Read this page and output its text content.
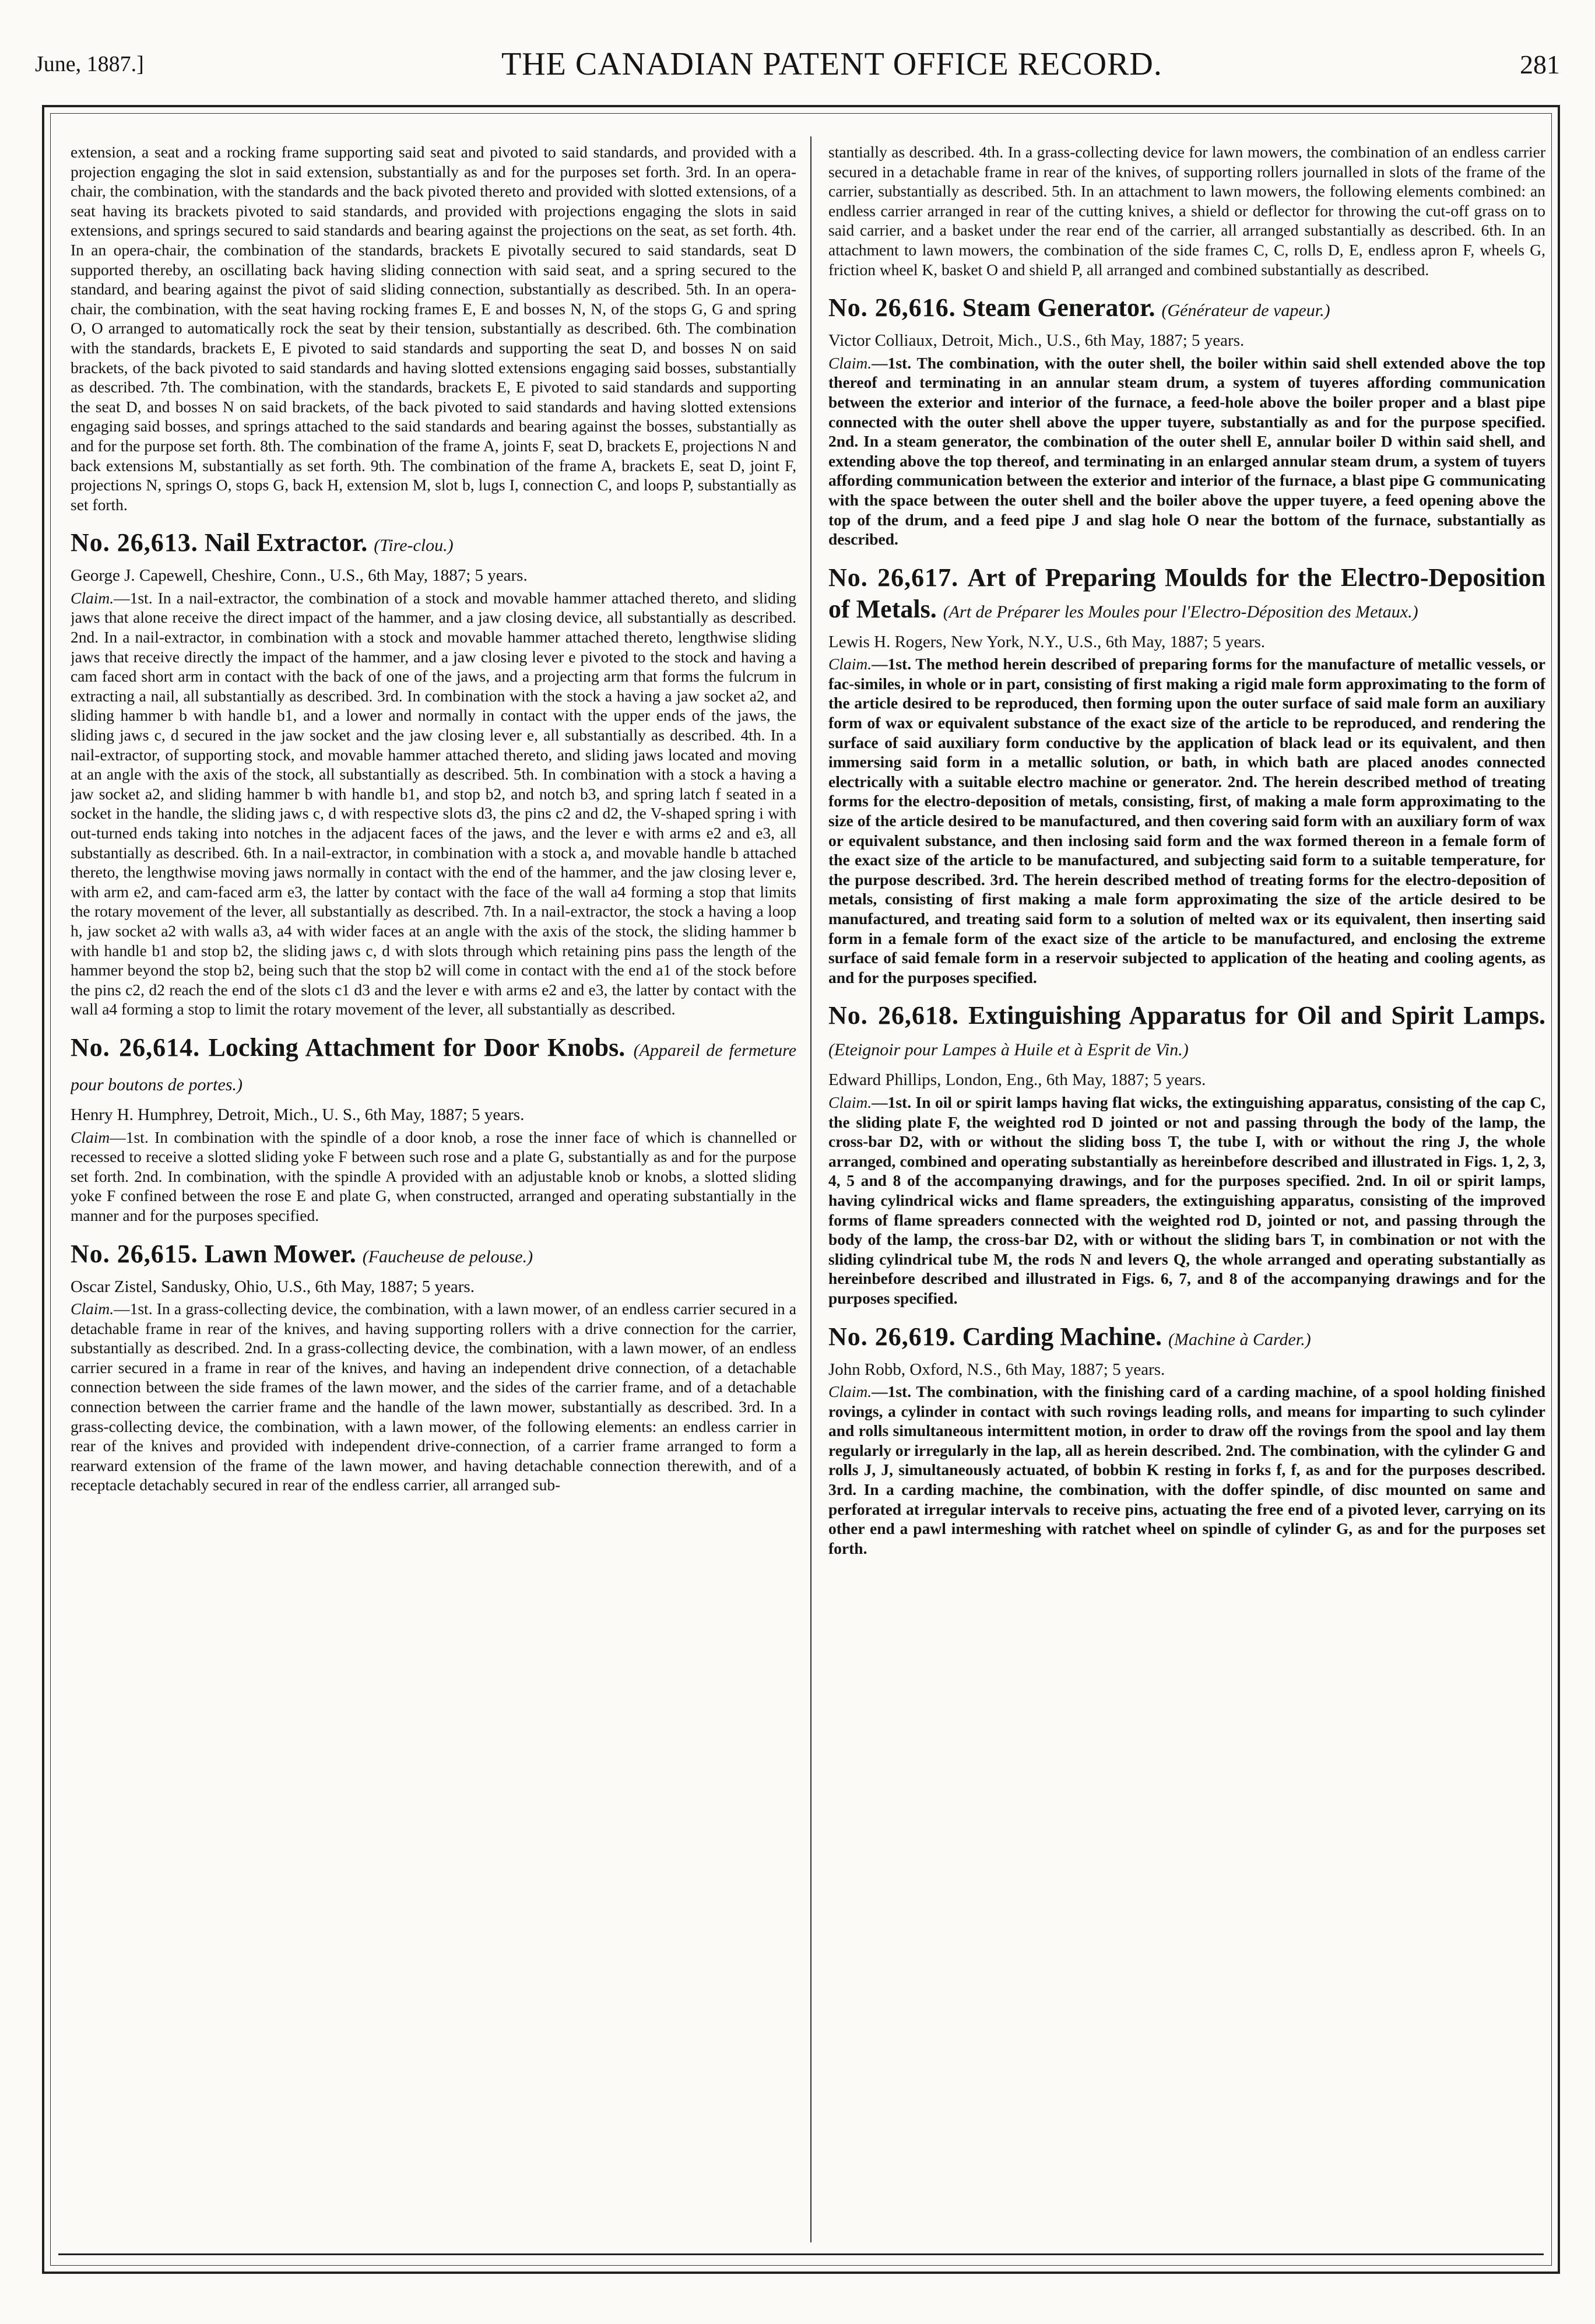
June, 1887.]	THE CANADIAN PATENT OFFICE RECORD.	281

extension, a seat and a rocking frame supporting said seat and pivoted to said standards, and provided with a projection engaging the slot in said extension, substantially as and for the purposes set forth. 3rd. In an opera-chair, the combination, with the standards and the back pivoted thereto and provided with slotted extensions, of a seat having its brackets pivoted to said standards, and provided with projections engaging the slots in said extensions, and springs secured to said standards and bearing against the projections on the seat, as set forth. 4th. In an opera-chair, the combination of the standards, brackets E pivotally secured to said standards, seat D supported thereby, an oscillating back having sliding connection with said seat, and a spring secured to the standard, and bearing against the pivot of said sliding connection, substantially as described. 5th. In an opera-chair, the combination, with the seat having rocking frames E, E and bosses N, N, of the stops G, G and spring O, O arranged to automatically rock the seat by their tension, substantially as described. 6th. The combination with the standards, brackets E, E pivoted to said standards and supporting the seat D, and bosses N on said brackets, of the back pivoted to said standards and having slotted extensions engaging said bosses, substantially as described. 7th. The combination, with the standards, brackets E, E pivoted to said standards and supporting the seat D, and bosses N on said brackets, of the back pivoted to said standards and having slotted extensions engaging said bosses, and springs attached to the said standards and bearing against the bosses, substantially as and for the purpose set forth. 8th. The combination of the frame A, joints F, seat D, brackets E, projections N and back extensions M, substantially as set forth. 9th. The combination of the frame A, brackets E, seat D, joint F, projections N, springs O, stops G, back H, extension M, slot b, lugs I, connection C, and loops P, substantially as set forth.

No. 26,613. Nail Extractor. (Tire-clou.)

George J. Capewell, Cheshire, Conn., U.S., 6th May, 1887; 5 years.

Claim.—1st. In a nail-extractor, the combination of a stock and movable hammer attached thereto, and sliding jaws that alone receive the direct impact of the hammer, and a jaw closing device, all substantially as described. 2nd. In a nail-extractor, in combination with a stock and movable hammer attached thereto, lengthwise sliding jaws that receive directly the impact of the hammer, and a jaw closing lever e pivoted to the stock and having a cam faced short arm in contact with the back of one of the jaws, and a projecting arm that forms the fulcrum in extracting a nail, all substantially as described. 3rd. In combination with the stock a having a jaw socket a2, and sliding hammer b with handle b1, and a lower and normally in contact with the upper ends of the jaws, the sliding jaws c, d secured in the jaw socket and the jaw closing lever e, all substantially as described. 4th. In a nail-extractor, of supporting stock, and movable hammer attached thereto, and sliding jaws located and moving at an angle with the axis of the stock, all substantially as described. 5th. In combination with a stock a having a jaw socket a2, and sliding hammer b with handle b1, and stop b2, and notch b3, and spring latch f seated in a socket in the handle, the sliding jaws c, d with respective slots d3, the pins c2 and d2, the V-shaped spring i with out-turned ends taking into notches in the adjacent faces of the jaws, and the lever e with arms e2 and e3, all substantially as described. 6th. In a nail-extractor, in combination with a stock a, and movable handle b attached thereto, the lengthwise moving jaws normally in contact with the end of the hammer, and the jaw closing lever e, with arm e2, and cam-faced arm e3, the latter by contact with the face of the wall a4 forming a stop that limits the rotary movement of the lever, all substantially as described. 7th. In a nail-extractor, the stock a having a loop h, jaw socket a2 with walls a3, a4 with wider faces at an angle with the axis of the stock, the sliding hammer b with handle b1 and stop b2, the sliding jaws c, d with slots through which retaining pins pass the length of the hammer beyond the stop b2, being such that the stop b2 will come in contact with the end a1 of the stock before the pins c2, d2 reach the end of the slots c1 d3 and the lever e with arms e2 and e3, the latter by contact with the wall a4 forming a stop to limit the rotary movement of the lever, all substantially as described.

No. 26,614. Locking Attachment for Door Knobs. (Appareil de fermeture pour boutons de portes.)

Henry H. Humphrey, Detroit, Mich., U. S., 6th May, 1887; 5 years.

Claim—1st. In combination with the spindle of a door knob, a rose the inner face of which is channelled or recessed to receive a slotted sliding yoke F between such rose and a plate G, substantially as and for the purpose set forth. 2nd. In combination, with the spindle A provided with an adjustable knob or knobs, a slotted sliding yoke F confined between the rose E and plate G, when constructed, arranged and operating substantially in the manner and for the purposes specified.

No. 26,615. Lawn Mower. (Faucheuse de pelouse.)

Oscar Zistel, Sandusky, Ohio, U.S., 6th May, 1887; 5 years.

Claim.—1st. In a grass-collecting device, the combination, with a lawn mower, of an endless carrier secured in a detachable frame in rear of the knives, and having supporting rollers with a drive connection for the carrier, substantially as described. 2nd. In a grass-collecting device, the combination, with a lawn mower, of an endless carrier secured in a frame in rear of the knives, and having an independent drive connection, of a detachable connection between the side frames of the lawn mower, and the sides of the carrier frame, and of a detachable connection between the carrier frame and the handle of the lawn mower, substantially as described. 3rd. In a grass-collecting device, the combination, with a lawn mower, of the following elements: an endless carrier in rear of the knives and provided with independent drive-connection, of a carrier frame arranged to form a rearward extension of the frame of the lawn mower, and having detachable connection therewith, and of a receptacle detachably secured in rear of the endless carrier, all arranged sub-

stantially as described. 4th. In a grass-collecting device for lawn mowers, the combination of an endless carrier secured in a detachable frame in rear of the knives, of supporting rollers journalled in slots of the frame of the carrier, substantially as described. 5th. In an attachment to lawn mowers, the following elements combined: an endless carrier arranged in rear of the cutting knives, a shield or deflector for throwing the cut-off grass on to said carrier, and a basket under the rear end of the carrier, all arranged substantially as described. 6th. In an attachment to lawn mowers, the combination of the side frames C, C, rolls D, E, endless apron F, wheels G, friction wheel K, basket O and shield P, all arranged and combined substantially as described.

No. 26,616. Steam Generator. (Générateur de vapeur.)

Victor Colliaux, Detroit, Mich., U.S., 6th May, 1887; 5 years.

Claim.—1st. The combination, with the outer shell, the boiler within said shell extended above the top thereof and terminating in an annular steam drum, a system of tuyeres affording communication between the exterior and interior of the furnace, a feed-hole above the boiler proper and a blast pipe connected with the outer shell above the upper tuyere, substantially as and for the purpose specified. 2nd. In a steam generator, the combination of the outer shell E, annular boiler D within said shell, and extending above the top thereof, and terminating in an enlarged annular steam drum, a system of tuyers affording communication between the exterior and interior of the furnace, a blast pipe G communicating with the space between the outer shell and the boiler above the upper tuyere, a feed opening above the top of the drum, and a feed pipe J and slag hole O near the bottom of the furnace, substantially as described.

No. 26,617. Art of Preparing Moulds for the Electro-Deposition of Metals. (Art de Préparer les Moules pour l'Electro-Déposition des Metaux.)

Lewis H. Rogers, New York, N.Y., U.S., 6th May, 1887; 5 years.

Claim.—1st. The method herein described of preparing forms for the manufacture of metallic vessels, or fac-similes, in whole or in part, consisting of first making a rigid male form approximating to the form of the article desired to be reproduced, then forming upon the outer surface of said male form an auxiliary form of wax or equivalent substance of the exact size of the article to be reproduced, and rendering the surface of said auxiliary form conductive by the application of black lead or its equivalent, and then immersing said form in a metallic solution, or bath, in which bath are placed anodes connected electrically with a suitable electro machine or generator. 2nd. The herein described method of treating forms for the electro-deposition of metals, consisting, first, of making a male form approximating to the size of the article desired to be manufactured, and then covering said form with an auxiliary form of wax or equivalent substance, and then inclosing said form and the wax formed thereon in a female form of the exact size of the article to be manufactured, and subjecting said form to a suitable temperature, for the purpose described. 3rd. The herein described method of treating forms for the electro-deposition of metals, consisting of first making a male form approximating the size of the article desired to be manufactured, and treating said form to a solution of melted wax or its equivalent, then inserting said form in a female form of the exact size of the article to be manufactured, and enclosing the extreme surface of said female form in a reservoir subjected to application of the heating and cooling agents, as and for the purposes specified.

No. 26,618. Extinguishing Apparatus for Oil and Spirit Lamps. (Eteignoir pour Lampes à Huile et à Esprit de Vin.)

Edward Phillips, London, Eng., 6th May, 1887; 5 years.

Claim.—1st. In oil or spirit lamps having flat wicks, the extinguishing apparatus, consisting of the cap C, the sliding plate F, the weighted rod D jointed or not and passing through the body of the lamp, the cross-bar D2, with or without the sliding boss T, the tube I, with or without the ring J, the whole arranged, combined and operating substantially as hereinbefore described and illustrated in Figs. 1, 2, 3, 4, 5 and 8 of the accompanying drawings, and for the purposes specified. 2nd. In oil or spirit lamps, having cylindrical wicks and flame spreaders, the extinguishing apparatus, consisting of the improved forms of flame spreaders connected with the weighted rod D, jointed or not, and passing through the body of the lamp, the cross-bar D2, with or without the sliding bars T, in combination or not with the sliding cylindrical tube M, the rods N and levers Q, the whole arranged and operating substantially as hereinbefore described and illustrated in Figs. 6, 7, and 8 of the accompanying drawings and for the purposes specified.

No. 26,619. Carding Machine. (Machine à Carder.)

John Robb, Oxford, N.S., 6th May, 1887; 5 years.

Claim.—1st. The combination, with the finishing card of a carding machine, of a spool holding finished rovings, a cylinder in contact with such rovings leading rolls, and means for imparting to such cylinder and rolls simultaneous intermittent motion, in order to draw off the rovings from the spool and lay them regularly or irregularly in the lap, all as herein described. 2nd. The combination, with the cylinder G and rolls J, J, simultaneously actuated, of bobbin K resting in forks f, f, as and for the purposes described. 3rd. In a carding machine, the combination, with the doffer spindle, of disc mounted on same and perforated at irregular intervals to receive pins, actuating the free end of a pivoted lever, carrying on its other end a pawl intermeshing with ratchet wheel on spindle of cylinder G, as and for the purposes set forth.
